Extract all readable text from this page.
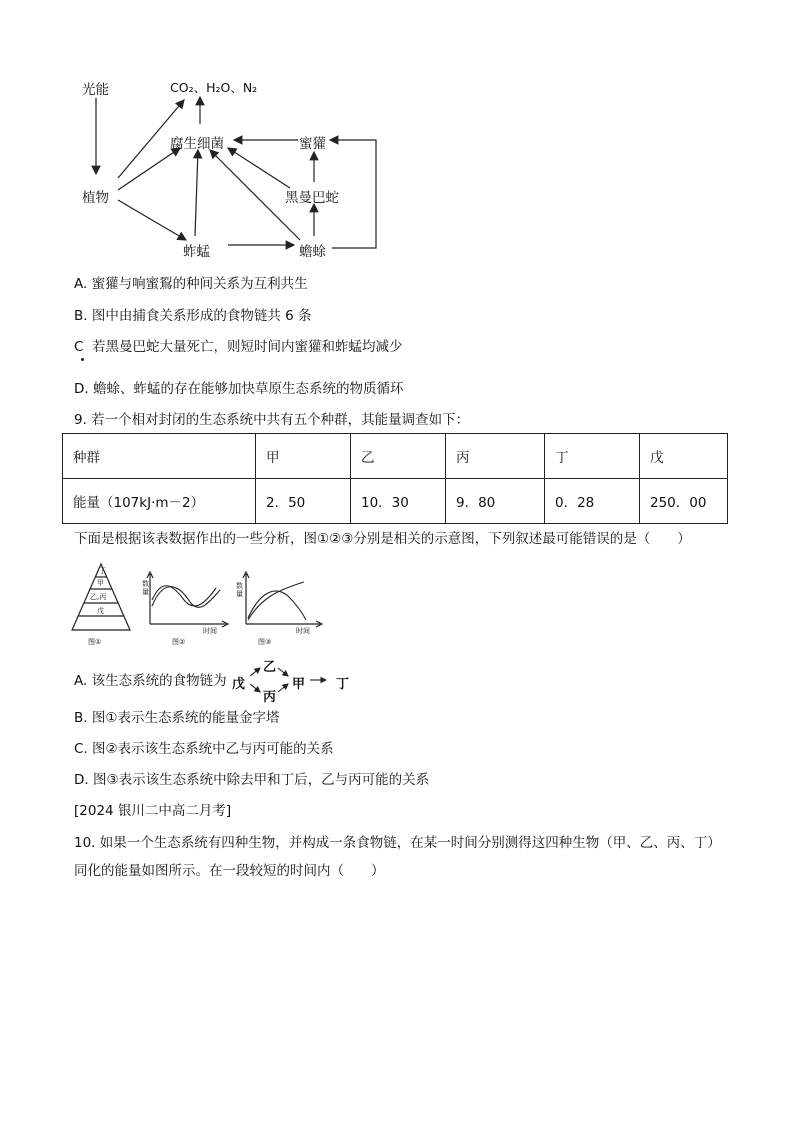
光能	CO₂、H₂O、N₂
腐生细菌	蜜獾
植物	黑曼巴蛇
蚱蜢	蟾蜍
A. 蜜獾与响蜜鴷的种间关系为互利共生
B. 图中由捕食关系形成的食物链共 6 条
C 若黑曼巴蛇大量死亡，则短时间内蜜獾和蚱蜢均减少
D. 蟾蜍、蚱蜢的存在能够加快草原生态系统的物质循环
9. 若一个相对封闭的生态系统中共有五个种群，其能量调查如下：
种群	甲	乙	丙	丁	戊
能量（107kJ·m－2）	2．50	10．30	9．80	0．28	250．00
下面是根据该表数据作出的一些分析，图①②③分别是相关的示意图，下列叙述最可能错误的是（　　）
丁
甲
乙,丙
戊
图①
数量
时间
图②
数量
时间
图③
A. 该生态系统的食物链为 戊
乙
丙
甲 丁
B. 图①表示生态系统的能量金字塔
C. 图②表示该生态系统中乙与丙可能的关系
D. 图③表示该生态系统中除去甲和丁后，乙与丙可能的关系
[2024 银川二中高二月考]
10. 如果一个生态系统有四种生物，并构成一条食物链，在某一时间分别测得这四种生物（甲、乙、丙、丁）
同化的能量如图所示。在一段较短的时间内（　　）
